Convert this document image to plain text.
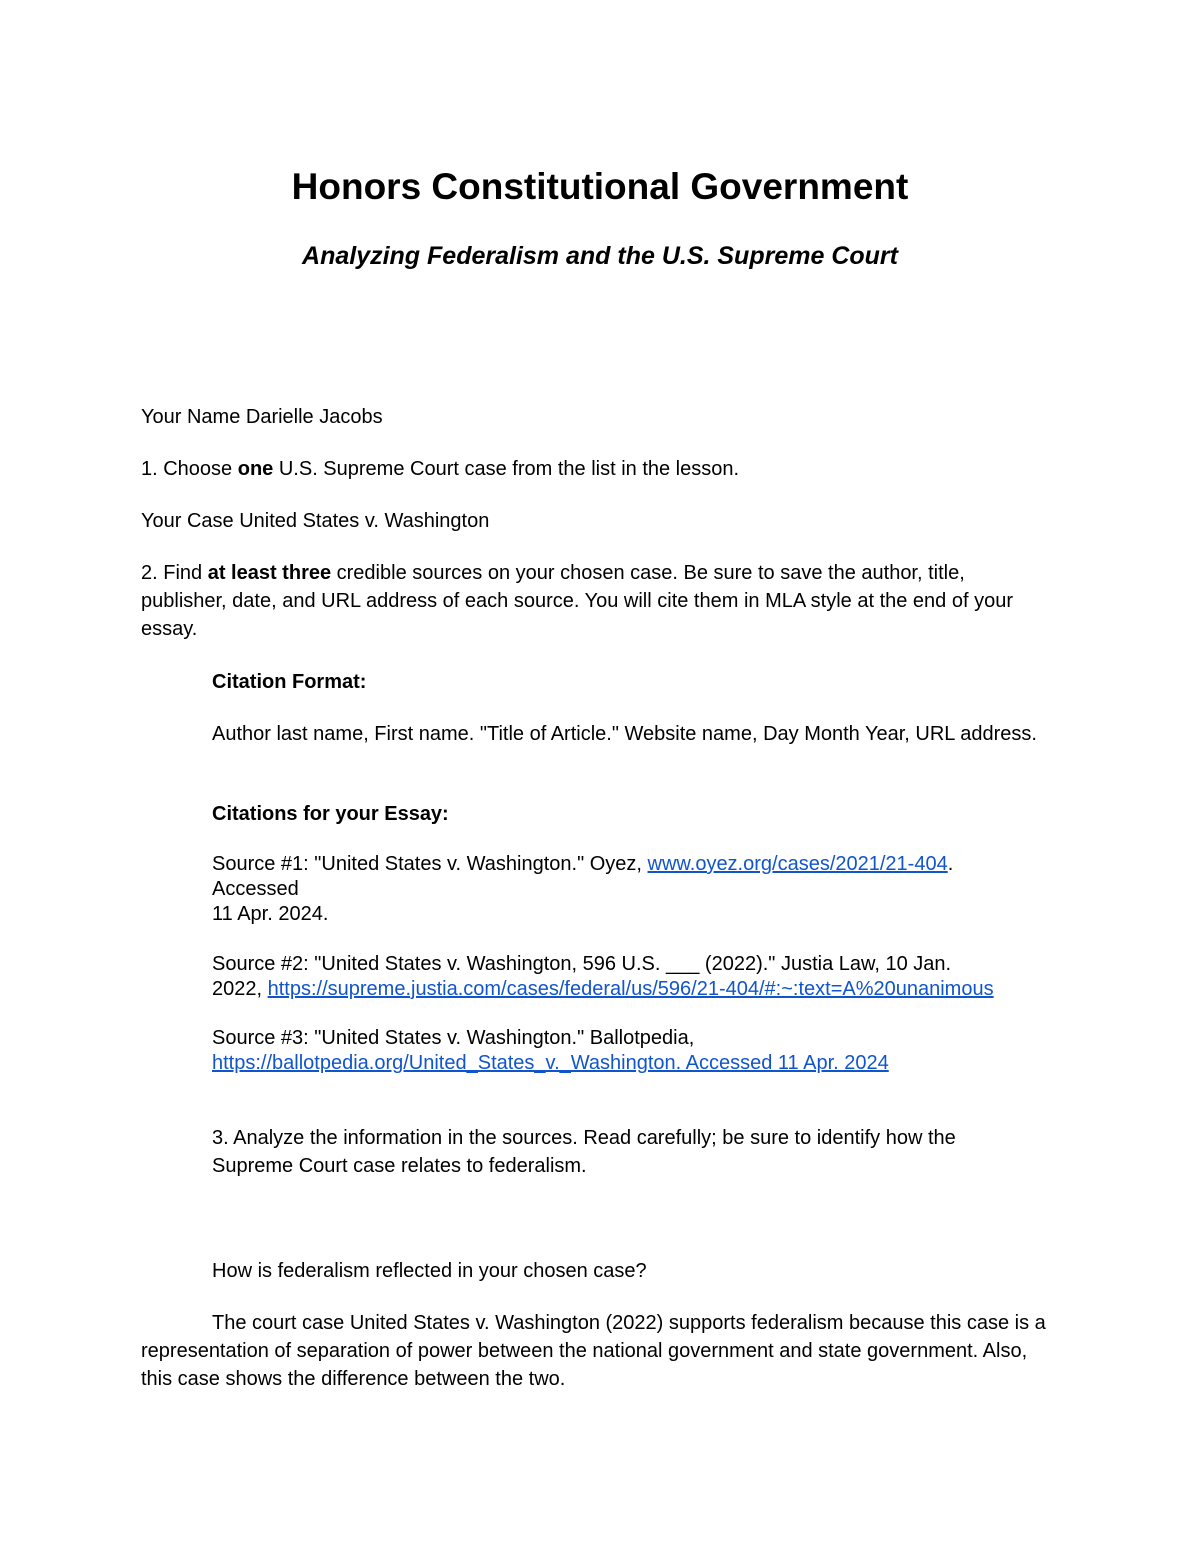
Honors Constitutional Government
Analyzing Federalism and the U.S. Supreme Court

Your Name Darielle Jacobs

1. Choose one U.S. Supreme Court case from the list in the lesson.

Your Case United States v. Washington

2. Find at least three credible sources on your chosen case. Be sure to save the author, title, publisher, date, and URL address of each source. You will cite them in MLA style at the end of your essay.

Citation Format:

Author last name, First name. "Title of Article." Website name, Day Month Year, URL address.

Citations for your Essay:

Source #1: "United States v. Washington." Oyez, www.oyez.org/cases/2021/21-404.
Accessed
11 Apr. 2024.
Source #2: "United States v. Washington, 596 U.S. ___ (2022)." Justia Law, 10 Jan.
2022, https://supreme.justia.com/cases/federal/us/596/21-404/#:~:text=A%20unanimous
Source #3: "United States v. Washington." Ballotpedia,
https://ballotpedia.org/United_States_v._Washington. Accessed 11 Apr. 2024

3. Analyze the information in the sources. Read carefully; be sure to identify how the Supreme Court case relates to federalism.

How is federalism reflected in your chosen case?

The court case United States v. Washington (2022) supports federalism because this case is a representation of separation of power between the national government and state government. Also, this case shows the difference between the two.
